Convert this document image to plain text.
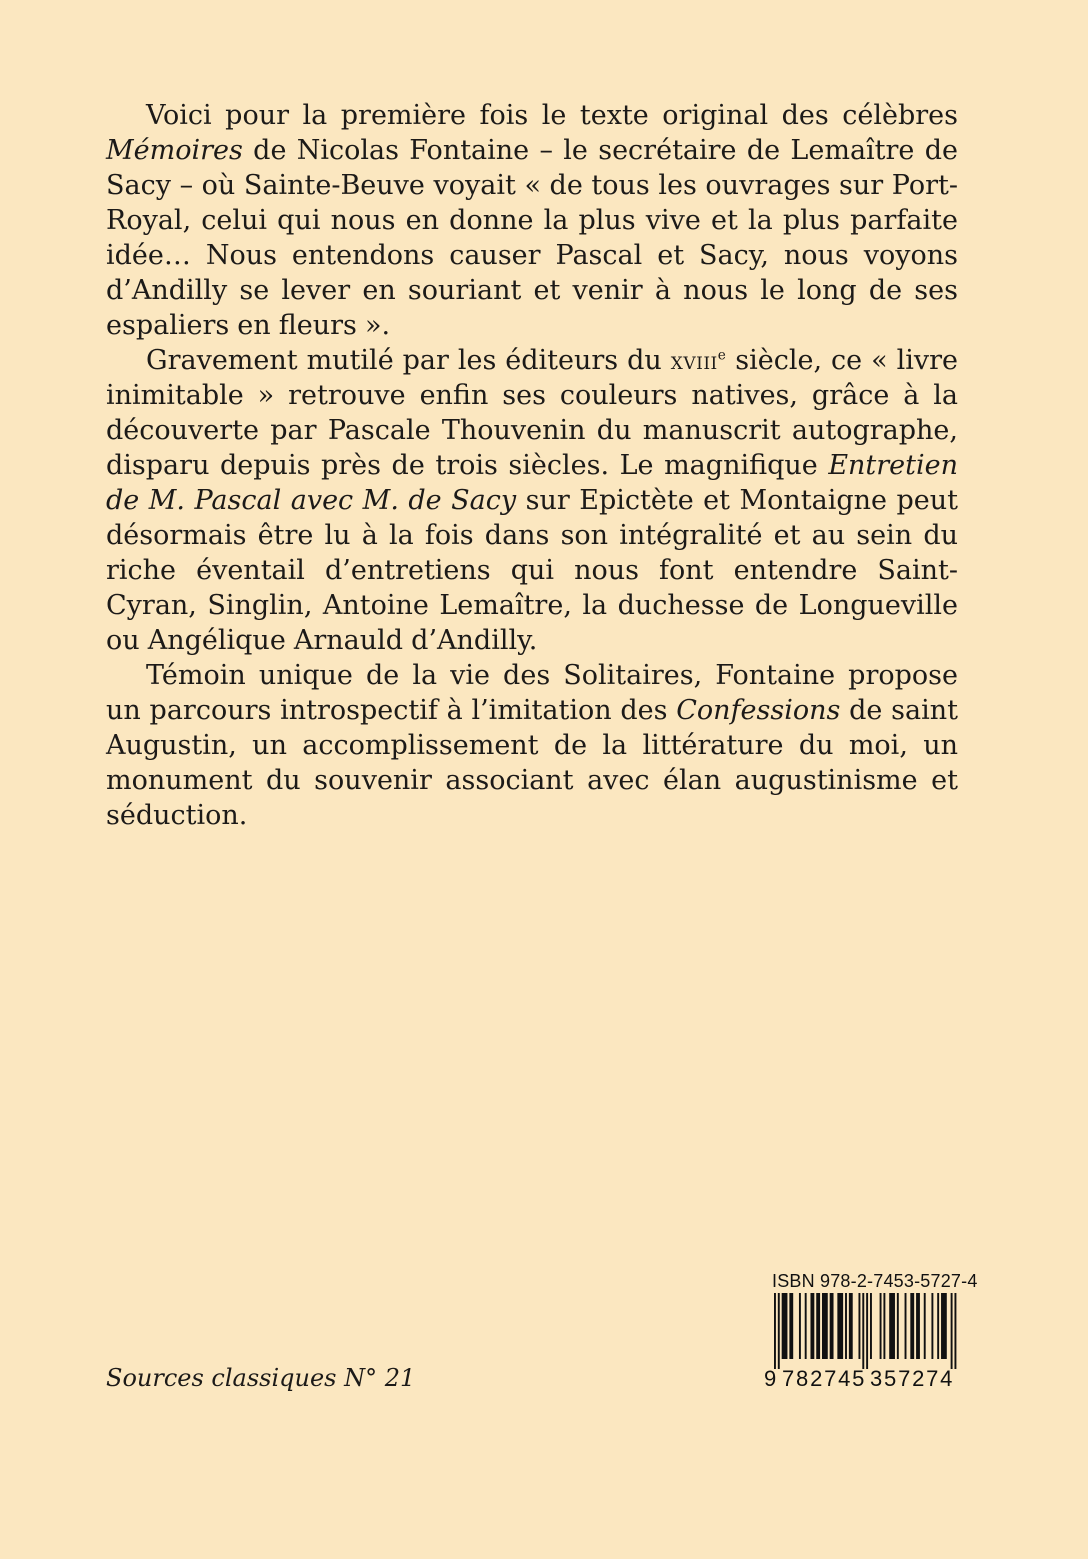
Voici pour la première fois le texte original des célèbres Mémoires de Nicolas Fontaine – le secrétaire de Lemaître de Sacy – où Sainte-Beuve voyait « de tous les ouvrages sur Port-Royal, celui qui nous en donne la plus vive et la plus parfaite idée… Nous entendons causer Pascal et Sacy, nous voyons d’Andilly se lever en souriant et venir à nous le long de ses espaliers en fleurs ».

Gravement mutilé par les éditeurs du xviii$^e$ siècle, ce « livre inimitable » retrouve enfin ses couleurs natives, grâce à la découverte par Pascale Thouvenin du manuscrit autographe, disparu depuis près de trois siècles. Le magnifique Entretien de M. Pascal avec M. de Sacy sur Epictète et Montaigne peut désormais être lu à la fois dans son intégralité et au sein du riche éventail d’entretiens qui nous font entendre Saint-Cyran, Singlin, Antoine Lemaître, la duchesse de Longueville ou Angélique Arnauld d’Andilly.

Témoin unique de la vie des Solitaires, Fontaine propose un parcours introspectif à l’imitation des Confessions de saint Augustin, un accomplissement de la littérature du moi, un monument du souvenir associant avec élan augustinisme et séduction.

Sources classiques N° 21
ISBN 978-2-7453-5727-4
9 782745 357274
